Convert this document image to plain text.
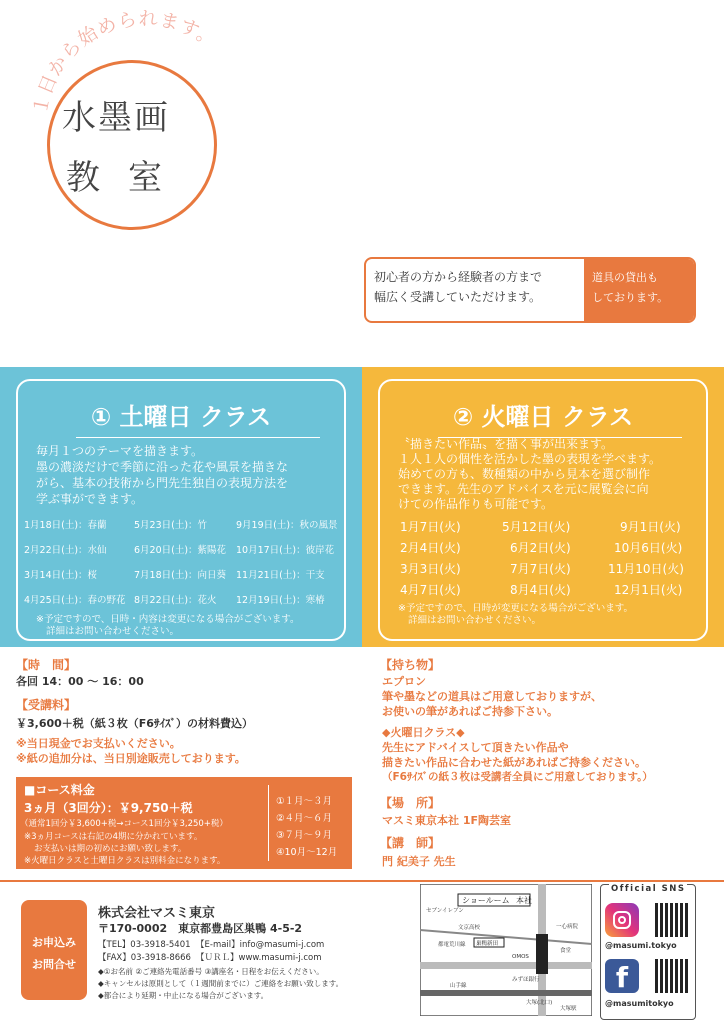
１日から始められます。
水墨画
教室
初心者の方から経験者の方まで
幅広く受講していただけます。
道具の貸出も
しております。
① 土曜日 クラス
毎月１つのテーマを描きます。
墨の濃淡だけで季節に沿った花や風景を描きな
がら、基本の技術から門先生独自の表現方法を
学ぶ事ができます。
1月18日(土)：春蘭	5月23日(土)：竹	9月19日(土)：秋の風景
2月22日(土)：水仙	6月20日(土)：紫陽花 10月17日(土)：彼岸花
3月14日(土)：桜	7月18日(土)：向日葵 11月21日(土)：干支
4月25日(土)：春の野花 8月22日(土)：花火 12月19日(土)：寒椿
※予定ですので、日時・内容は変更になる場合がございます。
詳細はお問い合わせください。
② 火曜日 クラス
〝描きたい作品〟を描く事が出来ます。
１人１人の個性を活かした墨の表現を学べます。
始めての方も、数種類の中から見本を選び制作
できます。先生のアドバイスを元に展覧会に向
けての作品作りも可能です。
1月7日(火)	5月12日(火)	9月1日(火)
2月4日(火)	6月2日(火)	10月6日(火)
3月3日(火)	7月7日(火)	11月10日(火)
4月7日(火)	8月4日(火)	12月1日(火)
※予定ですので、日時が変更になる場合がございます。
詳細はお問い合わせください。
【時　間】
各回 14：00 〜 16：00
【受講料】
￥3,600＋税（紙３枚（F6ｻｲｽﾞ）の材料費込）
※当日現金でお支払いください。
※紙の追加分は、当日別途販売しております。
■コース料金
3ヵ月（3回分）：￥9,750＋税
（通常1回分￥3,600+税→コース1回分￥3,250+税）
※3ヵ月コースは右記の4期に分かれています。
お支払いは期の初めにお願い致します。
※火曜日クラスと土曜日クラスは別料金になります。
①１月〜３月
②４月〜６月
③７月〜９月
④10月〜12月
【持ち物】
エプロン
筆や墨などの道具はご用意しておりますが、
お使いの筆があればご持参下さい。
◆火曜日クラス◆
先生にアドバイスして頂きたい作品や
描きたい作品に合わせた紙があればご持参ください。
（F6ｻｲｽﾞの紙３枚は受講者全員にご用意しております。）
【場　所】
マスミ東京本社 1F陶芸室
【講　師】
門 紀美子 先生
お申込み
お問合せ
株式会社マスミ東京
〒170-0002　東京都豊島区巣鴨 4-5-2
【TEL】03-3918-5401 【E-mail】info@masumi-j.com
【FAX】03-3918-8666 【ＵＲＬ】www.masumi-j.com
◆①お名前 ②ご連絡先電話番号 ③講座名・日程をお伝えください。
◆キャンセルは原則として（１週間前までに）ご連絡をお願い致します。
◆都合により延期・中止になる場合がございます。
ショールーム 本社
セブンイレブン
文京高校
都電荒川線 巣鴨新田
OMOS
一心病院
食堂
みずほ銀行
山手線
大塚(北口)
大塚駅
Official SNS
@masumi.tokyo
f
@masumitokyo
